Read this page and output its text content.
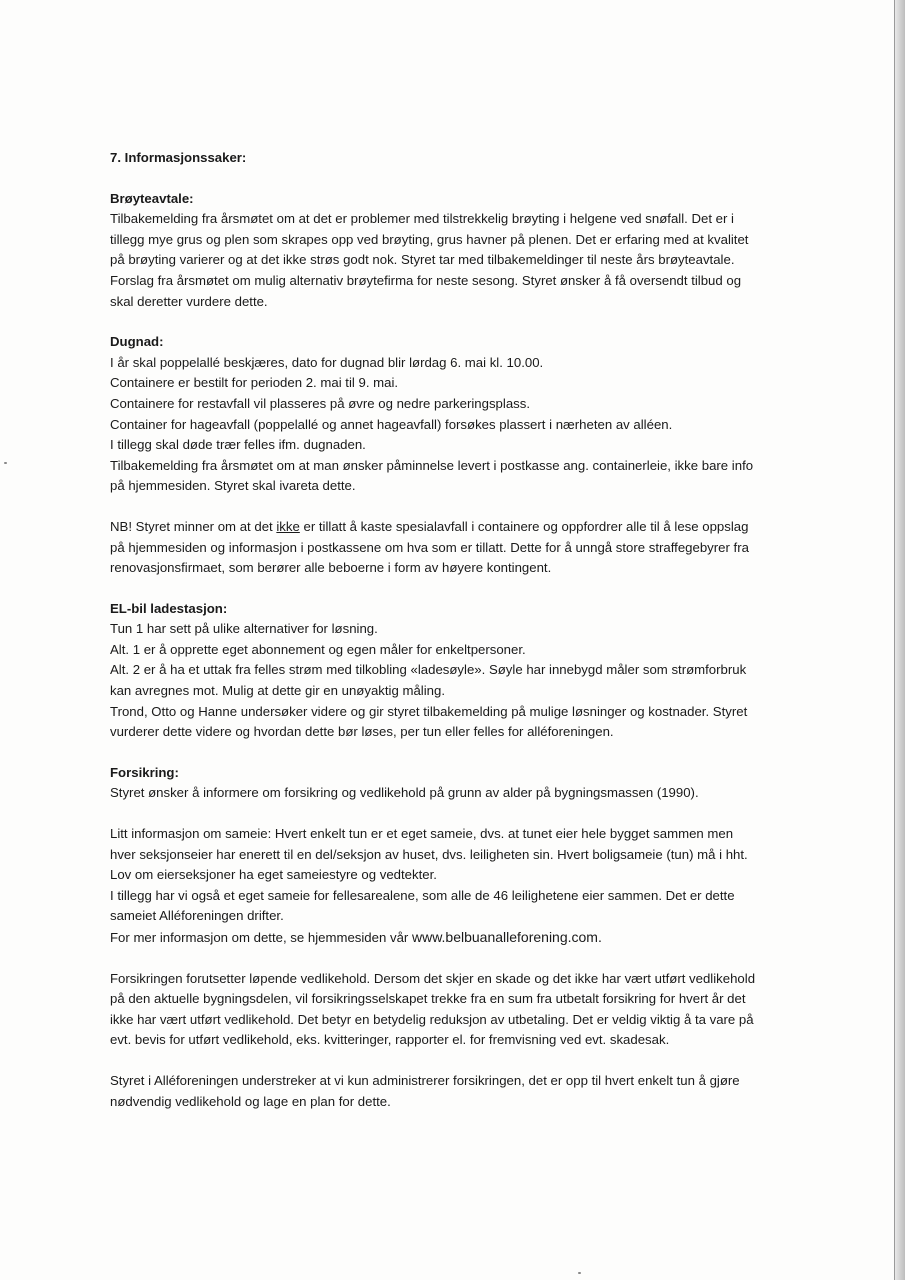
7. Informasjonssaker:

Brøyteavtale:

Tilbakemelding fra årsmøtet om at det er problemer med tilstrekkelig brøyting i helgene ved snøfall. Det er i

tillegg mye grus og plen som skrapes opp ved brøyting, grus havner på plenen. Det er erfaring med at kvalitet

på brøyting varierer og at det ikke strøs godt nok. Styret tar med tilbakemeldinger til neste års brøyteavtale.

Forslag fra årsmøtet om mulig alternativ brøytefirma for neste sesong. Styret ønsker å få oversendt tilbud og

skal deretter vurdere dette.

Dugnad:

I år skal poppelallé beskjæres, dato for dugnad blir lørdag 6. mai kl. 10.00.

Containere er bestilt for perioden 2. mai til 9. mai.

Containere for restavfall vil plasseres på øvre og nedre parkeringsplass.

Container for hageavfall (poppelallé og annet hageavfall) forsøkes plassert i nærheten av alléen.

I tillegg skal døde trær felles ifm. dugnaden.

Tilbakemelding fra årsmøtet om at man ønsker påminnelse levert i postkasse ang. containerleie, ikke bare info

på hjemmesiden. Styret skal ivareta dette.

NB! Styret minner om at det ikke er tillatt å kaste spesialavfall i containere og oppfordrer alle til å lese oppslag

på hjemmesiden og informasjon i postkassene om hva som er tillatt. Dette for å unngå store straffegebyrer fra

renovasjonsfirmaet, som berører alle beboerne i form av høyere kontingent.

EL-bil ladestasjon:

Tun 1 har sett på ulike alternativer for løsning.

Alt. 1 er å opprette eget abonnement og egen måler for enkeltpersoner.

Alt. 2 er å ha et uttak fra felles strøm med tilkobling «ladesøyle». Søyle har innebygd måler som strømforbruk

kan avregnes mot. Mulig at dette gir en unøyaktig måling.

Trond, Otto og Hanne undersøker videre og gir styret tilbakemelding på mulige løsninger og kostnader. Styret

vurderer dette videre og hvordan dette bør løses, per tun eller felles for alléforeningen.

Forsikring:

Styret ønsker å informere om forsikring og vedlikehold på grunn av alder på bygningsmassen (1990).

Litt informasjon om sameie: Hvert enkelt tun er et eget sameie, dvs. at tunet eier hele bygget sammen men

hver seksjonseier har enerett til en del/seksjon av huset, dvs. leiligheten sin. Hvert boligsameie (tun) må i hht.

Lov om eierseksjoner ha eget sameiestyre og vedtekter.

I tillegg har vi også et eget sameie for fellesarealene, som alle de 46 leilighetene eier sammen. Det er dette

sameiet Alléforeningen drifter.

For mer informasjon om dette, se hjemmesiden vår www.belbuanalleforening.com.

Forsikringen forutsetter løpende vedlikehold. Dersom det skjer en skade og det ikke har vært utført vedlikehold

på den aktuelle bygningsdelen, vil forsikringsselskapet trekke fra en sum fra utbetalt forsikring for hvert år det

ikke har vært utført vedlikehold. Det betyr en betydelig reduksjon av utbetaling. Det er veldig viktig å ta vare på

evt. bevis for utført vedlikehold, eks. kvitteringer, rapporter el. for fremvisning ved evt. skadesak.

Styret i Alléforeningen understreker at vi kun administrerer forsikringen, det er opp til hvert enkelt tun å gjøre

nødvendig vedlikehold og lage en plan for dette.
